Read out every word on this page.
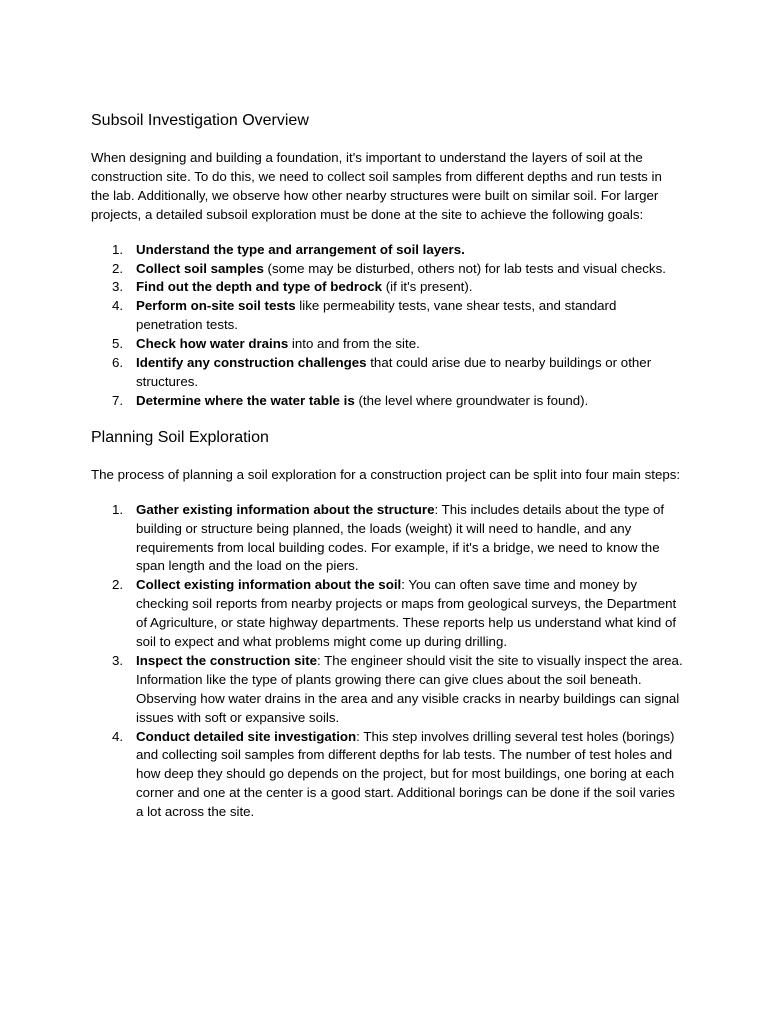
Subsoil Investigation Overview

When designing and building a foundation, it's important to understand the layers of soil at the construction site. To do this, we need to collect soil samples from different depths and run tests in the lab. Additionally, we observe how other nearby structures were built on similar soil. For larger projects, a detailed subsoil exploration must be done at the site to achieve the following goals:

1. Understand the type and arrangement of soil layers.
2. Collect soil samples (some may be disturbed, others not) for lab tests and visual checks.
3. Find out the depth and type of bedrock (if it's present).
4. Perform on-site soil tests like permeability tests, vane shear tests, and standard penetration tests.
5. Check how water drains into and from the site.
6. Identify any construction challenges that could arise due to nearby buildings or other structures.
7. Determine where the water table is (the level where groundwater is found).
Planning Soil Exploration

The process of planning a soil exploration for a construction project can be split into four main steps:

1. Gather existing information about the structure: This includes details about the type of building or structure being planned, the loads (weight) it will need to handle, and any requirements from local building codes. For example, if it's a bridge, we need to know the span length and the load on the piers.
2. Collect existing information about the soil: You can often save time and money by checking soil reports from nearby projects or maps from geological surveys, the Department of Agriculture, or state highway departments. These reports help us understand what kind of soil to expect and what problems might come up during drilling.
3. Inspect the construction site: The engineer should visit the site to visually inspect the area. Information like the type of plants growing there can give clues about the soil beneath. Observing how water drains in the area and any visible cracks in nearby buildings can signal issues with soft or expansive soils.
4. Conduct detailed site investigation: This step involves drilling several test holes (borings) and collecting soil samples from different depths for lab tests. The number of test holes and how deep they should go depends on the project, but for most buildings, one boring at each corner and one at the center is a good start. Additional borings can be done if the soil varies a lot across the site.
